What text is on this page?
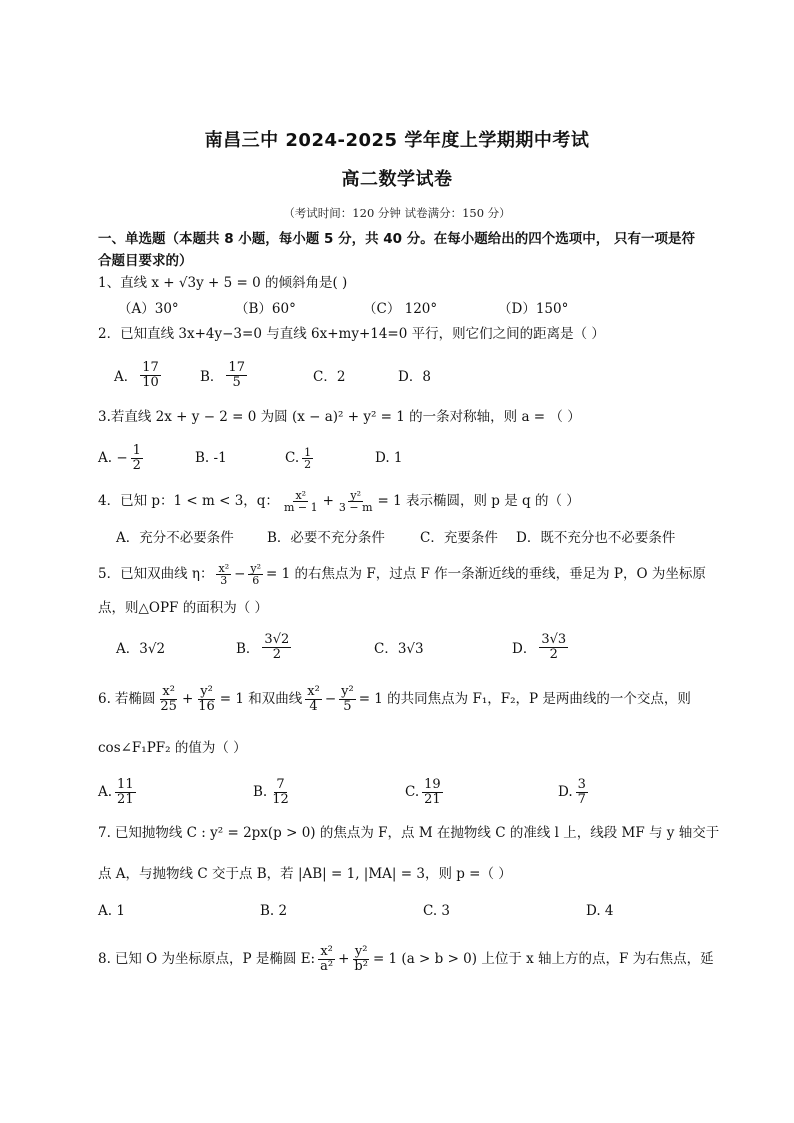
南昌三中 2024-2025 学年度上学期期中考试
高二数学试卷
（考试时间：120 分钟 试卷满分：150 分）
一、单选题（本题共 8 小题，每小题 5 分，共 40 分。在每小题给出的四个选项中， 只有一项是符合题目要求的）
1、直线 x + √3y + 5 = 0 的倾斜角是( )
（A）30°	（B）60°	（C） 120°	（D）150°
2．已知直线 3x+4y−3=0 与直线 6x+my+14=0 平行，则它们之间的距离是（ ）
A． $\frac{17}{10}$	B． $\frac{17}{5}$	C．2	D．8
3.若直线 2x + y − 2 = 0 为圆 (x − a)² + y² = 1 的一条对称轴，则 a = （ ）
A. − $\frac{1}{2}$	B. -1	C. $\frac{1}{2}$	D. 1
4． 已知 p：1 < m < 3，q： $\frac{\text{x²}}{m - 1} + \frac{\text{y²}}{3 - m} = 1$ 表示椭圆，则 p 是 q 的（ ）
A．充分不必要条件 B．必要不充分条件	C．充要条件 D．既不充分也不必要条件
5． 已知双曲线 η： $\frac{\text{x²}}{3} - \frac{\text{y²}}{6} = 1$ 的右焦点为 F，过点 F 作一条渐近线的垂线，垂足为 P，O 为坐标原
点，则△OPF 的面积为（ ）
A．3√2	B． $\frac{3√2}{2}$	C．3√3	D． $\frac{3√3}{2}$
6. 若椭圆 $\frac{\text{x²}}{25} + \frac{\text{y²}}{16} = 1$ 和双曲线 $\frac{\text{x²}}{4} - \frac{\text{y²}}{5} = 1$ 的共同焦点为 F₁，F₂，P 是两曲线的一个交点，则
cos∠F₁PF₂ 的值为（ ）
A. $\frac{11}{21}$	B. $\frac{7}{12}$	C. $\frac{19}{21}$	D. $\frac{3}{7}$
7. 已知抛物线 C : y² = 2px(p > 0) 的焦点为 F，点 M 在抛物线 C 的准线 l 上，线段 MF 与 y 轴交于
点 A，与抛物线 C 交于点 B，若 |AB| = 1, |MA| = 3，则 p =（ ）
A. 1	B. 2	C. 3	D. 4
8. 已知 O 为坐标原点，P 是椭圆 E: $\frac{\text{x²}}{\text{a²}} + \frac{\text{y²}}{\text{b²}} = 1$ (a > b > 0) 上位于 x 轴上方的点，F 为右焦点，延
